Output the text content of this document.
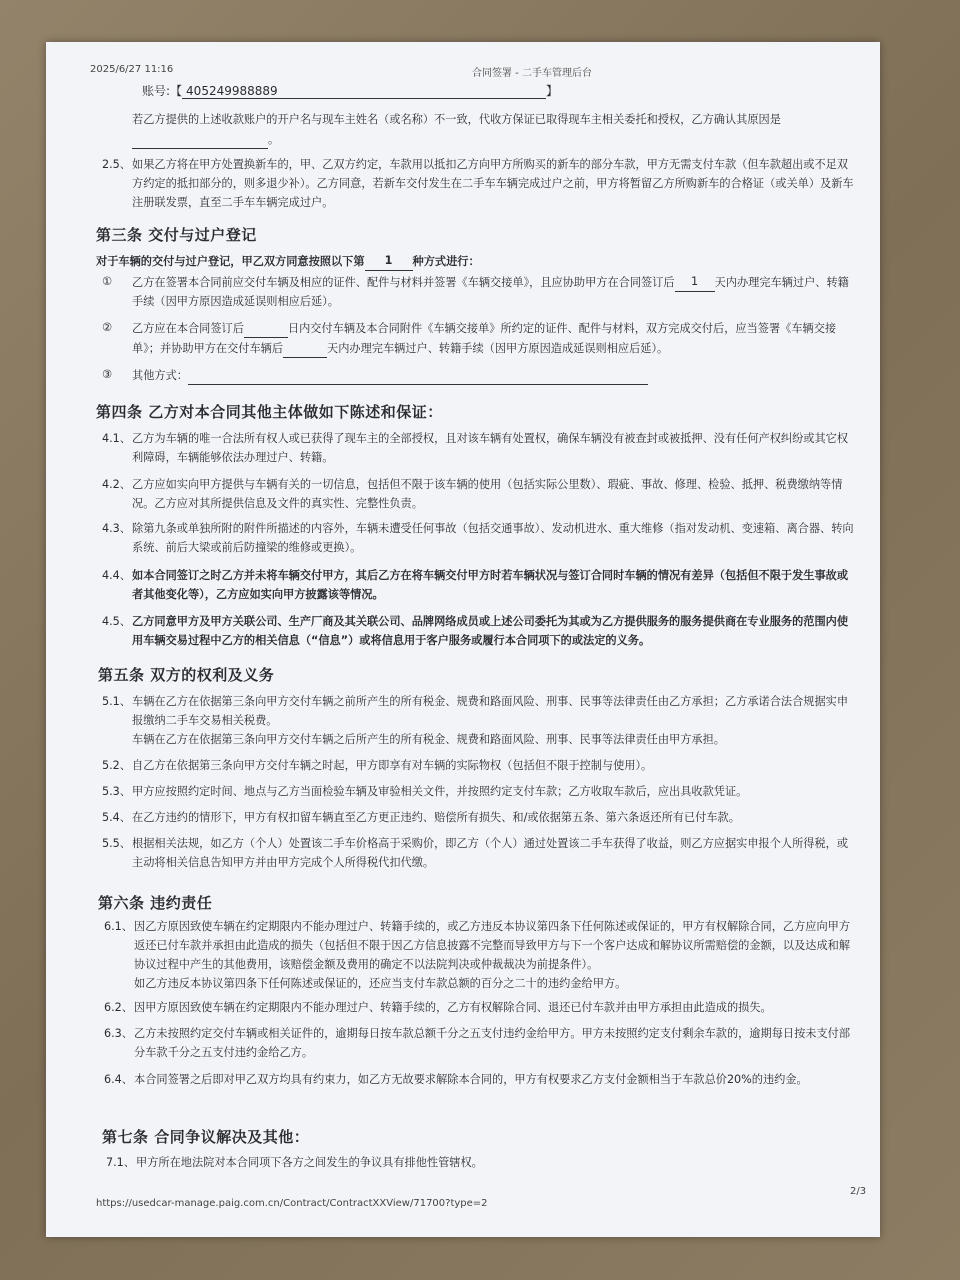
2025/6/27 11:16	合同签署 - 二手车管理后台
账号:【 405249988889	】
若乙方提供的上述收款账户的开户名与现车主姓名（或名称）不一致，代收方保证已取得现车主相关委托和授权，乙方确认其原因是 。
2.5、 如果乙方将在甲方处置换新车的，甲、乙双方约定，车款用以抵扣乙方向甲方所购买的新车的部分车款，甲方无需支付车款（但车款超出或不足双方约定的抵扣部分的，则多退少补）。乙方同意，若新车交付发生在二手车车辆完成过户之前，甲方将暂留乙方所购新车的合格证（或关单）及新车注册联发票，直至二手车车辆完成过户。
第三条 交付与过户登记
对于车辆的交付与过户登记，甲乙双方同意按照以下第 1 种方式进行：
① 乙方在签署本合同前应交付车辆及相应的证件、配件与材料并签署《车辆交接单》，且应协助甲方在合同签订后 1 天内办理完车辆过户、转籍手续（因甲方原因造成延误则相应后延）。
② 乙方应在本合同签订后	日内交付车辆及本合同附件《车辆交接单》所约定的证件、配件与材料，双方完成交付后，应当签署《车辆交接单》；并协助甲方在交付车辆后	天内办理完车辆过户、转籍手续（因甲方原因造成延误则相应后延）。
③ 其他方式：
第四条 乙方对本合同其他主体做如下陈述和保证：
4.1、 乙方为车辆的唯一合法所有权人或已获得了现车主的全部授权，且对该车辆有处置权，确保车辆没有被查封或被抵押、没有任何产权纠纷或其它权利障碍，车辆能够依法办理过户、转籍。
4.2、 乙方应如实向甲方提供与车辆有关的一切信息，包括但不限于该车辆的使用（包括实际公里数）、瑕疵、事故、修理、检验、抵押、税费缴纳等情况。乙方应对其所提供信息及文件的真实性、完整性负责。
4.3、 除第九条或单独所附的附件所描述的内容外，车辆未遭受任何事故（包括交通事故）、发动机进水、重大维修（指对发动机、变速箱、离合器、转向系统、前后大梁或前后防撞梁的维修或更换）。
4.4、 如本合同签订之时乙方并未将车辆交付甲方，其后乙方在将车辆交付甲方时若车辆状况与签订合同时车辆的情况有差异（包括但不限于发生事故或者其他变化等），乙方应如实向甲方披露该等情况。
4.5、 乙方同意甲方及甲方关联公司、生产厂商及其关联公司、品牌网络成员或上述公司委托为其或为乙方提供服务的服务提供商在专业服务的范围内使用车辆交易过程中乙方的相关信息（“信息”）或将信息用于客户服务或履行本合同项下的或法定的义务。
第五条 双方的权利及义务
5.1、 车辆在乙方在依据第三条向甲方交付车辆之前所产生的所有税金、规费和路面风险、刑事、民事等法律责任由乙方承担；乙方承诺合法合规据实申报缴纳二手车交易相关税费。
车辆在乙方在依据第三条向甲方交付车辆之后所产生的所有税金、规费和路面风险、刑事、民事等法律责任由甲方承担。
5.2、 自乙方在依据第三条向甲方交付车辆之时起，甲方即享有对车辆的实际物权（包括但不限于控制与使用）。
5.3、 甲方应按照约定时间、地点与乙方当面检验车辆及审验相关文件，并按照约定支付车款；乙方收取车款后，应出具收款凭证。
5.4、 在乙方违约的情形下，甲方有权扣留车辆直至乙方更正违约、赔偿所有损失、和/或依据第五条、第六条返还所有已付车款。
5.5、 根据相关法规，如乙方（个人）处置该二手车价格高于采购价，即乙方（个人）通过处置该二手车获得了收益，则乙方应据实申报个人所得税，或主动将相关信息告知甲方并由甲方完成个人所得税代扣代缴。
第六条 违约责任
6.1、 因乙方原因致使车辆在约定期限内不能办理过户、转籍手续的，或乙方违反本协议第四条下任何陈述或保证的，甲方有权解除合同，乙方应向甲方返还已付车款并承担由此造成的损失（包括但不限于因乙方信息披露不完整而导致甲方与下一个客户达成和解协议所需赔偿的金额，以及达成和解协议过程中产生的其他费用，该赔偿金额及费用的确定不以法院判决或仲裁裁决为前提条件）。
如乙方违反本协议第四条下任何陈述或保证的，还应当支付车款总额的百分之二十的违约金给甲方。
6.2、 因甲方原因致使车辆在约定期限内不能办理过户、转籍手续的，乙方有权解除合同、退还已付车款并由甲方承担由此造成的损失。
6.3、 乙方未按照约定交付车辆或相关证件的，逾期每日按车款总额千分之五支付违约金给甲方。甲方未按照约定支付剩余车款的，逾期每日按未支付部分车款千分之五支付违约金给乙方。
6.4、 本合同签署之后即对甲乙双方均具有约束力，如乙方无故要求解除本合同的，甲方有权要求乙方支付金额相当于车款总价20%的违约金。
第七条 合同争议解决及其他：
7.1、 甲方所在地法院对本合同项下各方之间发生的争议具有排他性管辖权。
https://usedcar-manage.paig.com.cn/Contract/ContractXXView/71700?type=2
2/3
